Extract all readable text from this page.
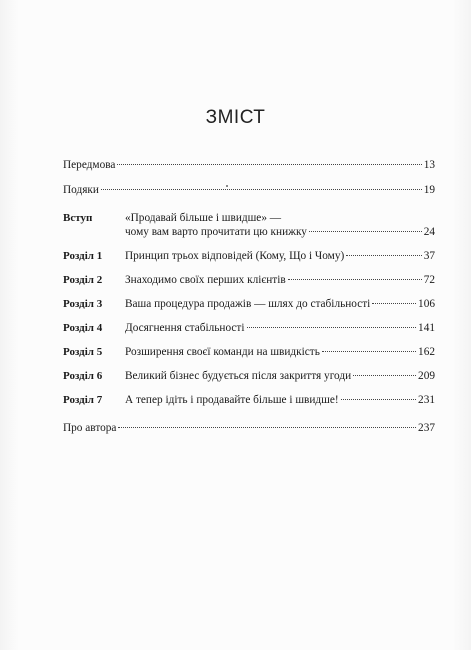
ЗМІСТ
Передмова	13
Подяки	19
Вступ	«Продавай більше і швидше» —
чому вам варто прочитати цю книжку	24
Розділ 1	Принцип трьох відповідей (Кому, Що і Чому)	37
Розділ 2	Знаходимо своїх перших клієнтів	72
Розділ 3	Ваша процедура продажів — шлях до стабільності	106
Розділ 4	Досягнення стабільності	141
Розділ 5	Розширення своєї команди на швидкість	162
Розділ 6	Великий бізнес будується після закриття угоди	209
Розділ 7	А тепер ідіть і продавайте більше і швидше!	231
Про автора	237
